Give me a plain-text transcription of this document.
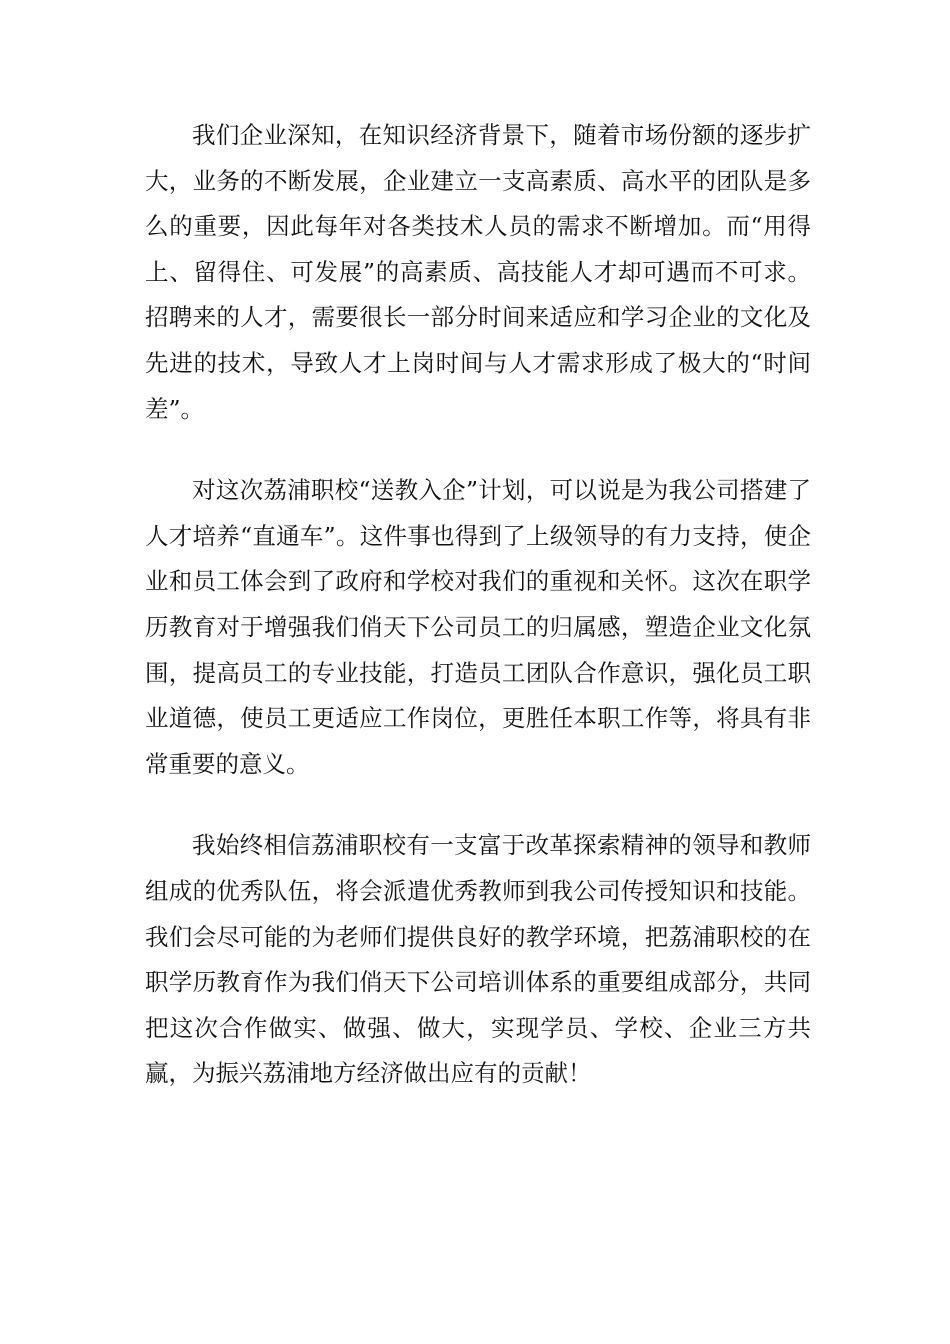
我们企业深知，在知识经济背景下，随着市场份额的逐步扩大，业务的不断发展，企业建立一支高素质、高水平的团队是多么的重要，因此每年对各类技术人员的需求不断增加。而“用得上、留得住、可发展”的高素质、高技能人才却可遇而不可求。招聘来的人才，需要很长一部分时间来适应和学习企业的文化及先进的技术，导致人才上岗时间与人才需求形成了极大的“时间差”。

对这次荔浦职校“送教入企”计划，可以说是为我公司搭建了人才培养“直通车”。这件事也得到了上级领导的有力支持，使企业和员工体会到了政府和学校对我们的重视和关怀。这次在职学历教育对于增强我们俏天下公司员工的归属感，塑造企业文化氛围，提高员工的专业技能，打造员工团队合作意识，强化员工职业道德，使员工更适应工作岗位，更胜任本职工作等，将具有非常重要的意义。

我始终相信荔浦职校有一支富于改革探索精神的领导和教师组成的优秀队伍，将会派遣优秀教师到我公司传授知识和技能。我们会尽可能的为老师们提供良好的教学环境，把荔浦职校的在职学历教育作为我们俏天下公司培训体系的重要组成部分，共同把这次合作做实、做强、做大，实现学员、学校、企业三方共赢，为振兴荔浦地方经济做出应有的贡献！
